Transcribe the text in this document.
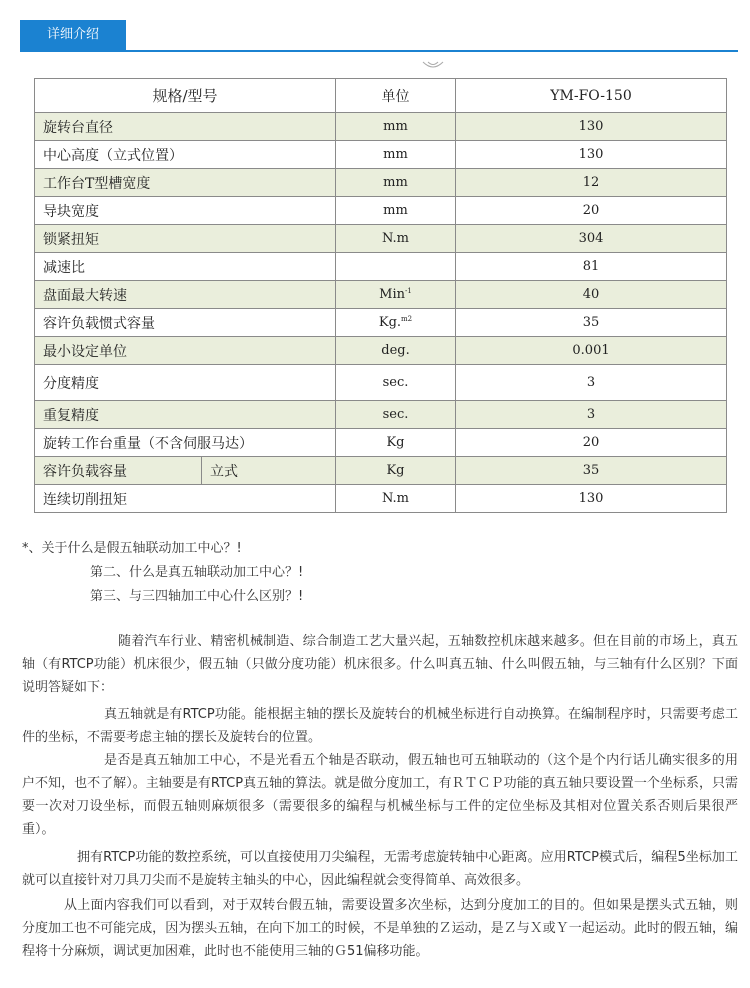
详细介绍
规格/型号		单位	YM-FO-150
旋转台直径		mm	130
中心高度（立式位置）		mm	130
工作台T型槽宽度		mm	12
导块宽度		mm	20
锁紧扭矩		N.m	304
减速比			81
盘面最大转速		Min$^{-1}$	40
容许负载惯式容量		Kg.$^{m2}$	35
最小设定单位		deg.	0.001
分度精度		sec.	3
重复精度		sec.	3
旋转工作台重量（不含伺服马达）		Kg	20
容许负载容量	立式	Kg	35
连续切削扭矩		N.m	130
*、关于什么是假五轴联动加工中心？!
第二、什么是真五轴联动加工中心？!
第三、与三四轴加工中心什么区别？!

随着汽车行业、精密机械制造、综合制造工艺大量兴起，五轴数控机床越来越多。但在目前的市场上，真五轴（有RTCP功能）机床很少，假五轴（只做分度功能）机床很多。什么叫真五轴、什么叫假五轴，与三轴有什么区别？下面说明答疑如下：

真五轴就是有RTCP功能。能根据主轴的摆长及旋转台的机械坐标进行自动换算。在编制程序时，只需要考虑工件的坐标，不需要考虑主轴的摆长及旋转台的位置。

是否是真五轴加工中心，不是光看五个轴是否联动，假五轴也可五轴联动的（这个是个内行话儿确实很多的用户不知，也不了解）。主轴要是有RTCP真五轴的算法。就是做分度加工，有ＲＴＣＰ功能的真五轴只要设置一个坐标系，只需要一次对刀设坐标，而假五轴则麻烦很多（需要很多的编程与机械坐标与工件的定位坐标及其相对位置关系否则后果很严重）。

拥有RTCP功能的数控系统，可以直接使用刀尖编程，无需考虑旋转轴中心距离。应用RTCP模式后，编程5坐标加工就可以直接针对刀具刀尖而不是旋转主轴头的中心，因此编程就会变得简单、高效很多。

从上面内容我们可以看到，对于双转台假五轴，需要设置多次坐标，达到分度加工的目的。但如果是摆头式五轴，则分度加工也不可能完成，因为摆头五轴，在向下加工的时候，不是单独的Ｚ运动，是Ｚ与Ｘ或Ｙ一起运动。此时的假五轴，编程将十分麻烦，调试更加困难，此时也不能使用三轴的Ｇ51偏移功能。
